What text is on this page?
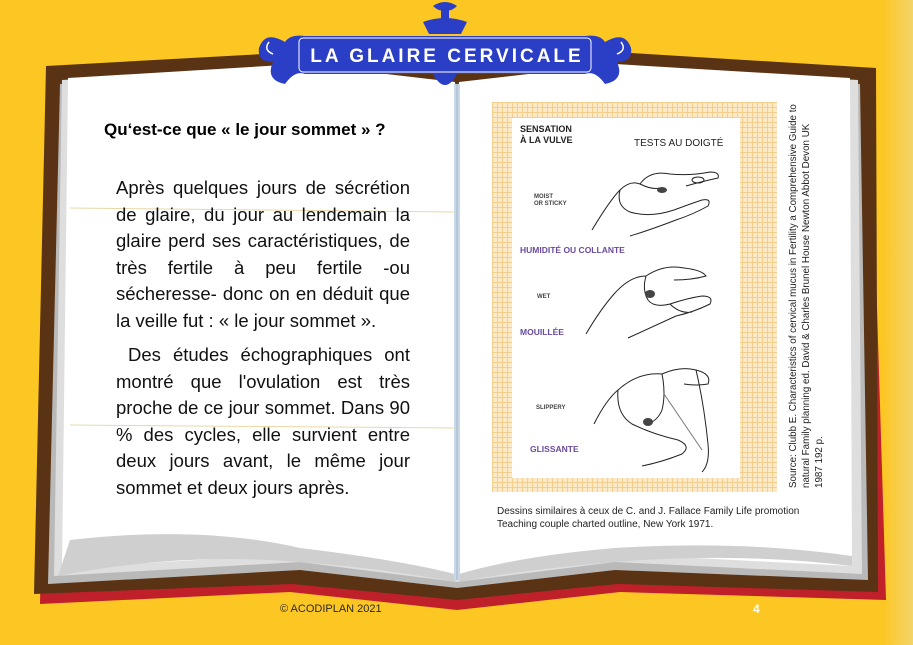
LA GLAIRE CERVICALE
Qu‘est-ce que « le jour sommet » ?

Après quelques jours de sécrétion de glaire, du jour au lendemain la glaire perd ses caractéristiques, de très fertile à peu fertile -ou sécheresse- donc on en déduit que la veille fut : « le jour sommet ».

Des études échographiques ont montré que l'ovulation est très proche de ce jour sommet. Dans 90 % des cycles, elle survient entre deux jours avant, le même jour sommet et deux jours après.

SENSATION
À LA VULVE	TESTS AU DOIGTÉ
MOIST
OR STICKY
HUMIDITÉ OU COLLANTE
WET
MOUILLÉE
SLIPPERY
GLISSANTE	Source: Clubb E. Characteristics of cervical mucus in Fertility a Comprehensive Guide to natural Family planning ed. David & Charles Brunel House Newton Abbot Devon UK 1987 192 p.
Dessins similaires à ceux de C. and J. Fallace Family Life promotion
Teaching couple charted outline, New York 1971.
© ACODIPLAN 2021	4
